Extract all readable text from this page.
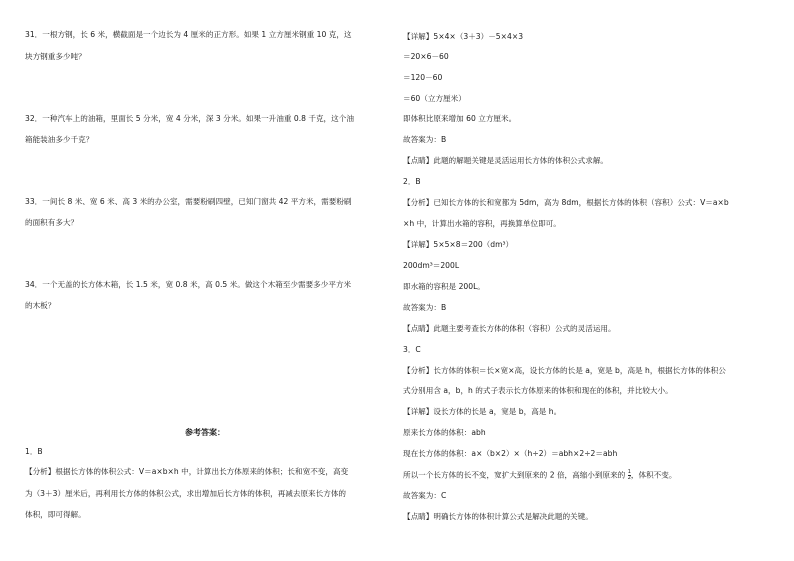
31．一根方钢，长 6 米，横截面是一个边长为 4 厘米的正方形。如果 1 立方厘米钢重 10 克，这
块方钢重多少吨？
32．一种汽车上的油箱，里面长 5 分米，宽 4 分米，深 3 分米。如果一升油重 0.8 千克，这个油
箱能装油多少千克？
33．一间长 8 米、宽 6 米、高 3 米的办公室，需要粉刷四壁，已知门窗共 42 平方米，需要粉刷
的面积有多大？
34．一个无盖的长方体木箱，长 1.5 米，宽 0.8 米，高 0.5 米。做这个木箱至少需要多少平方米
的木板？
参考答案：
1．B
【分析】根据长方体的体积公式：V＝a×b×h 中，计算出长方体原来的体积；长和宽不变，高变
为（3＋3）厘米后，再利用长方体的体积公式，求出增加后长方体的体积，再减去原来长方体的
体积，即可得解。
【详解】5×4×（3＋3）－5×4×3
＝20×6－60
＝120－60
＝60（立方厘米）
即体积比原来增加 60 立方厘米。
故答案为：B
【点睛】此题的解题关键是灵活运用长方体的体积公式求解。
2．B
【分析】已知长方体的长和宽都为 5dm，高为 8dm，根据长方体的体积（容积）公式：V＝a×b
×h 中，计算出水箱的容积，再换算单位即可。
【详解】5×5×8＝200（dm³）
200dm³＝200L
即水箱的容积是 200L。
故答案为：B
【点睛】此题主要考查长方体的体积（容积）公式的灵活运用。
3．C
【分析】长方体的体积＝长×宽×高，设长方体的长是 a，宽是 b，高是 h，根据长方体的体积公
式分别用含 a，b，h 的式子表示长方体原来的体积和现在的体积，并比较大小。
【详解】设长方体的长是 a，宽是 b，高是 h。
原来长方体的体积：abh
现在长方体的体积：a×（b×2）×（h÷2）＝abh×2÷2＝abh
所以一个长方体的长不变，宽扩大到原来的 2 倍，高缩小到原来的 $\frac{1}{2}$ ，体积不变。
故答案为：C
【点睛】明确长方体的体积计算公式是解决此题的关键。
